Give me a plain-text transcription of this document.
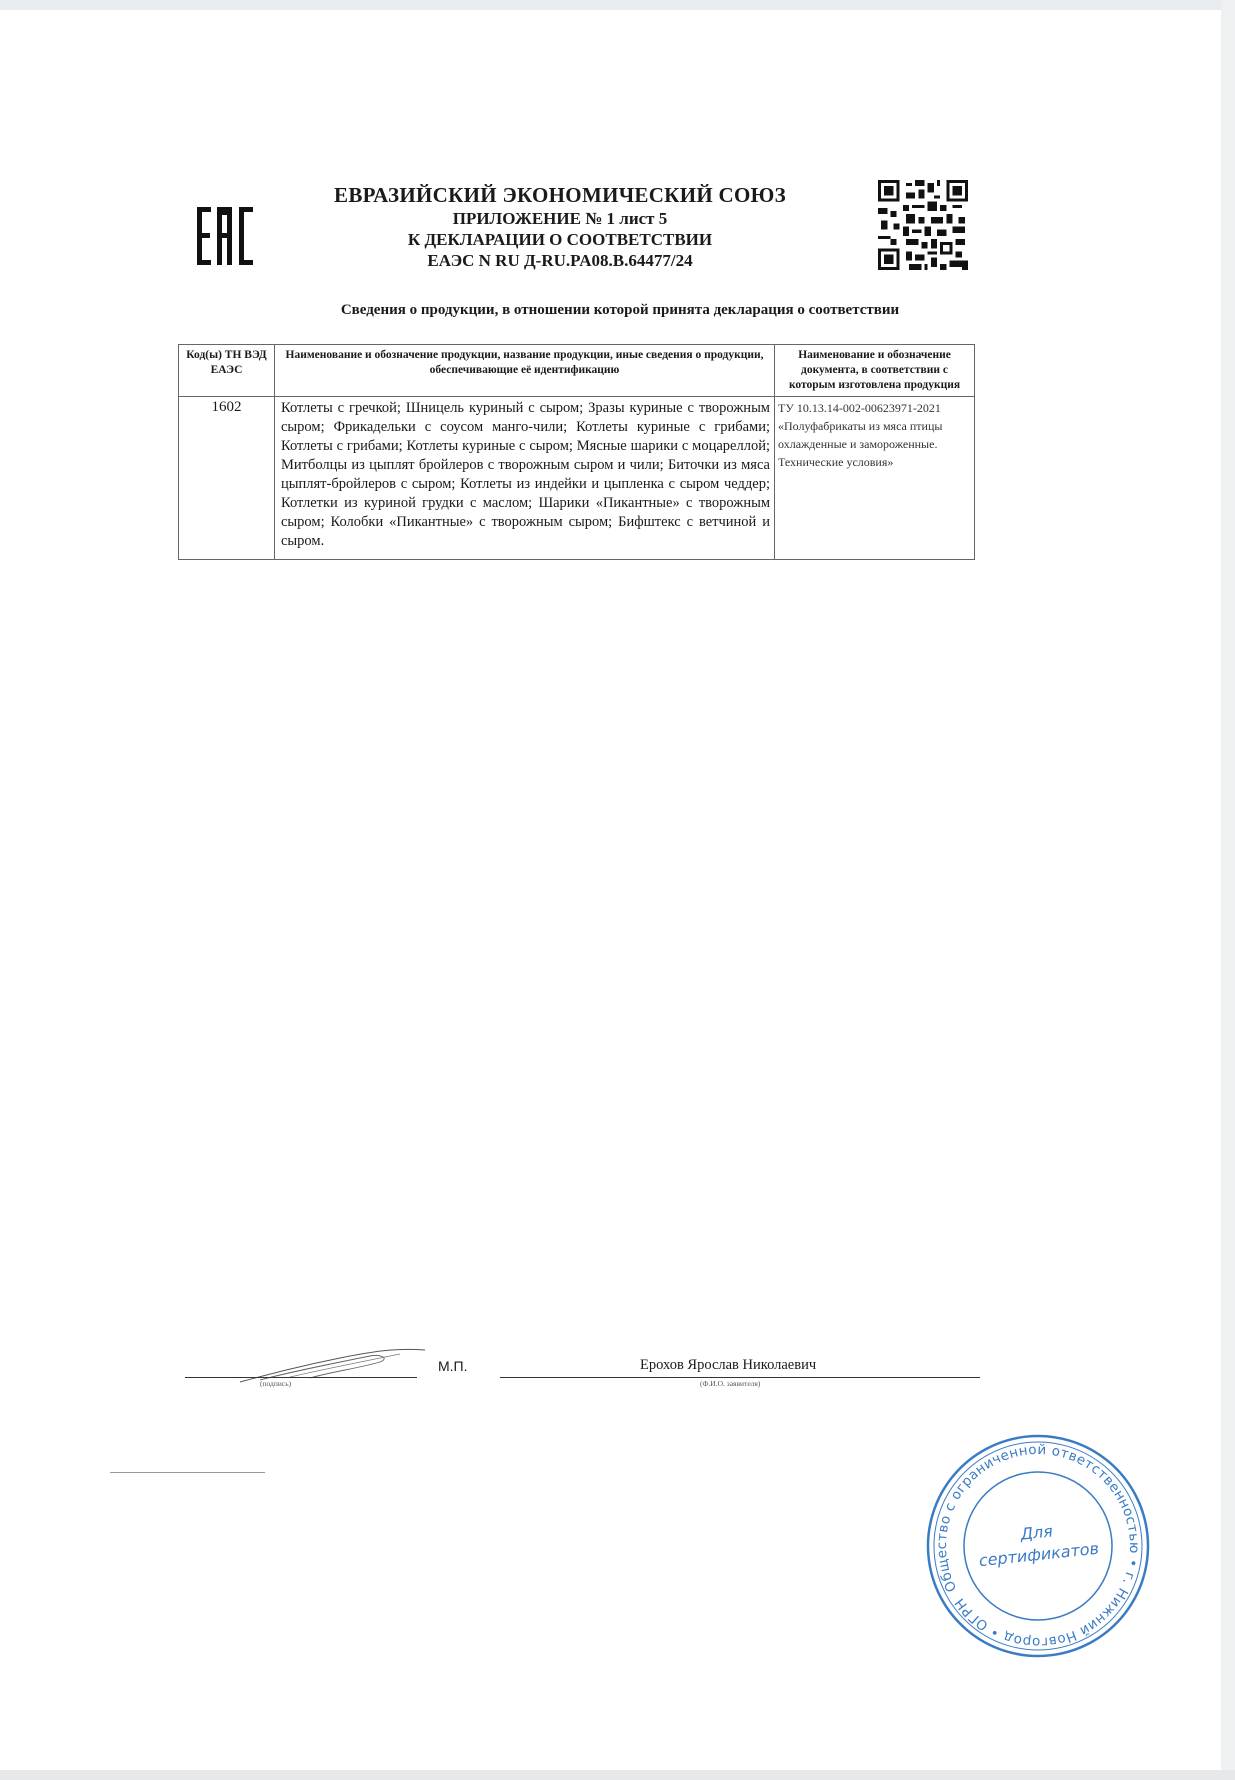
ЕВРАЗИЙСКИЙ ЭКОНОМИЧЕСКИЙ СОЮЗ
ПРИЛОЖЕНИЕ № 1 лист 5
К ДЕКЛАРАЦИИ О СООТВЕТСТВИИ
ЕАЭС N RU Д-RU.PA08.B.64477/24
Сведения о продукции, в отношении которой принята декларация о соответствии
Код(ы) ТН ВЭД ЕАЭС	Наименование и обозначение продукции, название продукции, иные сведения о продукции, обеспечивающие её идентификацию	Наименование и обозначение документа, в соответствии с которым изготовлена продукция
1602	Котлеты с гречкой; Шницель куриный с сыром; Зразы куриные с творожным сыром; Фрикадельки с соусом манго-чили; Котлеты куриные с грибами; Котлеты с грибами; Котлеты куриные с сыром; Мясные шарики с моцареллой; Митболцы из цыплят бройлеров с творожным сыром и чили; Биточки из мяса цыплят-бройлеров с сыром; Котлеты из индейки и цыпленка с сыром чеддер; Котлетки из куриной грудки с маслом; Шарики «Пикантные» с творожным сыром; Колобки «Пикантные» с творожным сыром; Бифштекс с ветчиной и сыром.	ТУ 10.13.14-002-00623971-2021 «Полуфабрикаты из мяса птицы охлажденные и замороженные. Технические условия»
(подпись)
М.П.	Ерохов Ярослав Николаевич
(Ф.И.О. заявителя)
Общество с ограниченной ответственностью • г. Нижний Новгород • ОГРН
Для
сертификатов
